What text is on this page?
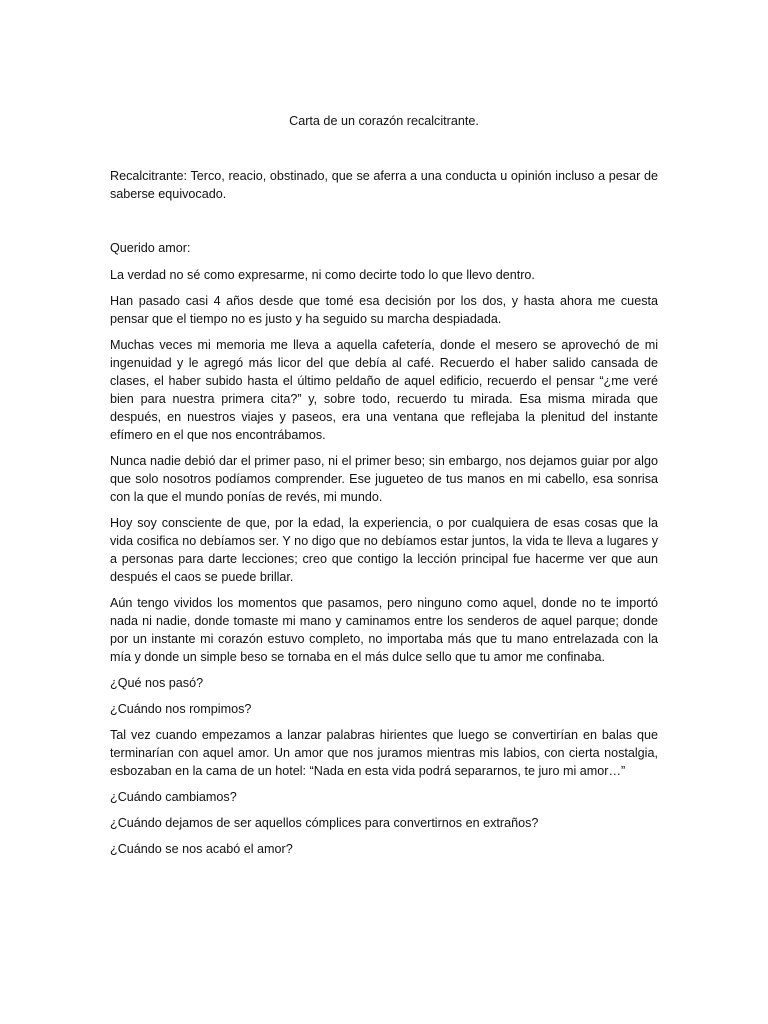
Carta de un corazón recalcitrante.

Recalcitrante: Terco, reacio, obstinado, que se aferra a una conducta u opinión incluso a pesar de saberse equivocado.

Querido amor:

La verdad no sé como expresarme, ni como decirte todo lo que llevo dentro.

Han pasado casi 4 años desde que tomé esa decisión por los dos, y hasta ahora me cuesta pensar que el tiempo no es justo y ha seguido su marcha despiadada.

Muchas veces mi memoria me lleva a aquella cafetería, donde el mesero se aprovechó de mi ingenuidad y le agregó más licor del que debía al café. Recuerdo el haber salido cansada de clases, el haber subido hasta el último peldaño de aquel edificio, recuerdo el pensar “¿me veré bien para nuestra primera cita?” y, sobre todo, recuerdo tu mirada. Esa misma mirada que después, en nuestros viajes y paseos, era una ventana que reflejaba la plenitud del instante efímero en el que nos encontrábamos.

Nunca nadie debió dar el primer paso, ni el primer beso; sin embargo, nos dejamos guiar por algo que solo nosotros podíamos comprender. Ese jugueteo de tus manos en mi cabello, esa sonrisa con la que el mundo ponías de revés, mi mundo.

Hoy soy consciente de que, por la edad, la experiencia, o por cualquiera de esas cosas que la vida cosifica no debíamos ser. Y no digo que no debíamos estar juntos, la vida te lleva a lugares y a personas para darte lecciones; creo que contigo la lección principal fue hacerme ver que aun después el caos se puede brillar.

Aún tengo vividos los momentos que pasamos, pero ninguno como aquel, donde no te importó nada ni nadie, donde tomaste mi mano y caminamos entre los senderos de aquel parque; donde por un instante mi corazón estuvo completo, no importaba más que tu mano entrelazada con la mía y donde un simple beso se tornaba en el más dulce sello que tu amor me confinaba.

¿Qué nos pasó?

¿Cuándo nos rompimos?

Tal vez cuando empezamos a lanzar palabras hirientes que luego se convertirían en balas que terminarían con aquel amor. Un amor que nos juramos mientras mis labios, con cierta nostalgia, esbozaban en la cama de un hotel: “Nada en esta vida podrá separarnos, te juro mi amor…”

¿Cuándo cambiamos?

¿Cuándo dejamos de ser aquellos cómplices para convertirnos en extraños?

¿Cuándo se nos acabó el amor?
